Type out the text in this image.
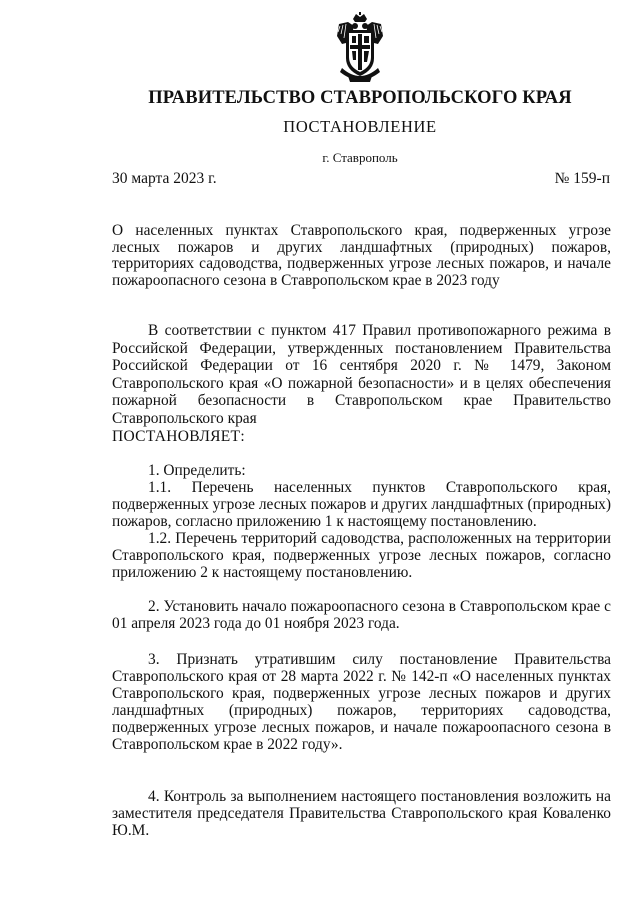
ПРАВИТЕЛЬСТВО СТАВРОПОЛЬСКОГО КРАЯ
ПОСТАНОВЛЕНИЕ
г. Ставрополь
30 марта 2023 г.	№ 159-п
О населенных пунктах Ставропольского края, подверженных угрозе лесных пожаров и других ландшафтных (природных) пожаров, территориях садоводства, подверженных угрозе лесных пожаров, и начале пожароопасного сезона в Ставропольском крае в 2023 году
В соответствии с пунктом 417 Правил противопожарного режима в Российской Федерации, утвержденных постановлением Правительства Российской Федерации от 16 сентября 2020 г. № 1479, Законом Ставропольского края «О пожарной безопасности» и в целях обеспечения пожарной безопасности в Ставропольском крае Правительство Ставропольского края
ПОСТАНОВЛЯЕТ:
1. Определить:
1.1. Перечень населенных пунктов Ставропольского края, подверженных угрозе лесных пожаров и других ландшафтных (природных) пожаров, согласно приложению 1 к настоящему постановлению.
1.2. Перечень территорий садоводства, расположенных на территории Ставропольского края, подверженных угрозе лесных пожаров, согласно приложению 2 к настоящему постановлению.
2. Установить начало пожароопасного сезона в Ставропольском крае с 01 апреля 2023 года до 01 ноября 2023 года.
3. Признать утратившим силу постановление Правительства Ставропольского края от 28 марта 2022 г. № 142-п «О населенных пунктах Ставропольского края, подверженных угрозе лесных пожаров и других ландшафтных (природных) пожаров, территориях садоводства, подверженных угрозе лесных пожаров, и начале пожароопасного сезона в Ставропольском крае в 2022 году».
4. Контроль за выполнением настоящего постановления возложить на заместителя председателя Правительства Ставропольского края Коваленко Ю.М.
